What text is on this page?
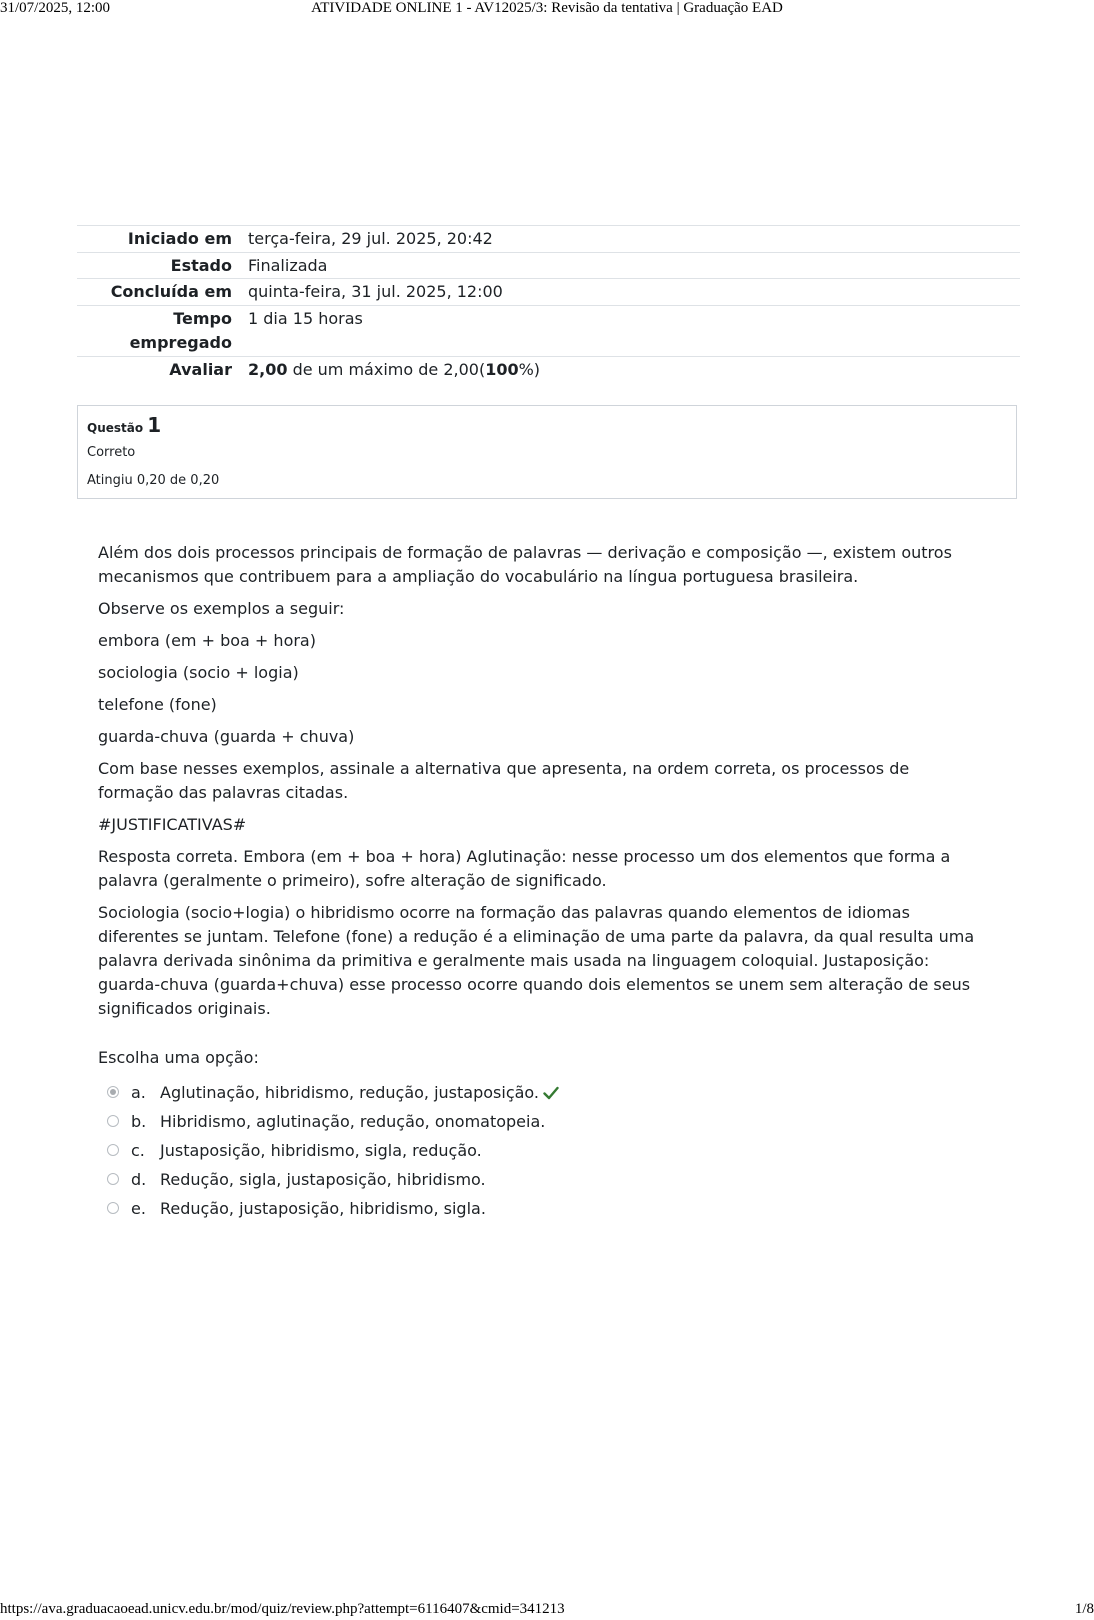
31/07/2025, 12:00	ATIVIDADE ONLINE 1 - AV12025/3: Revisão da tentativa | Graduação EAD
Iniciado em	terça-feira, 29 jul. 2025, 20:42
Estado	Finalizada
Concluída em	quinta-feira, 31 jul. 2025, 12:00
Tempo
empregado	1 dia 15 horas
Avaliar	2,00 de um máximo de 2,00(100%)
Questão 1
Correto
Atingiu 0,20 de 0,20

Além dos dois processos principais de formação de palavras — derivação e composição —, existem outros mecanismos que contribuem para a ampliação do vocabulário na língua portuguesa brasileira.

Observe os exemplos a seguir:

embora (em + boa + hora)

sociologia (socio + logia)

telefone (fone)

guarda-chuva (guarda + chuva)

Com base nesses exemplos, assinale a alternativa que apresenta, na ordem correta, os processos de formação das palavras citadas.

#JUSTIFICATIVAS#

Resposta correta. Embora (em + boa + hora) Aglutinação: nesse processo um dos elementos que forma a palavra (geralmente o primeiro), sofre alteração de significado.

Sociologia (socio+logia) o hibridismo ocorre na formação das palavras quando elementos de idiomas diferentes se juntam. Telefone (fone) a redução é a eliminação de uma parte da palavra, da qual resulta uma palavra derivada sinônima da primitiva e geralmente mais usada na linguagem coloquial. Justaposição: guarda-chuva (guarda+chuva) esse processo ocorre quando dois elementos se unem sem alteração de seus significados originais.

Escolha uma opção:
a. Aglutinação, hibridismo, redução, justaposição.
b. Hibridismo, aglutinação, redução, onomatopeia.
c. Justaposição, hibridismo, sigla, redução.
d. Redução, sigla, justaposição, hibridismo.
e. Redução, justaposição, hibridismo, sigla.
https://ava.graduacaoead.unicv.edu.br/mod/quiz/review.php?attempt=6116407&cmid=341213	1/8
